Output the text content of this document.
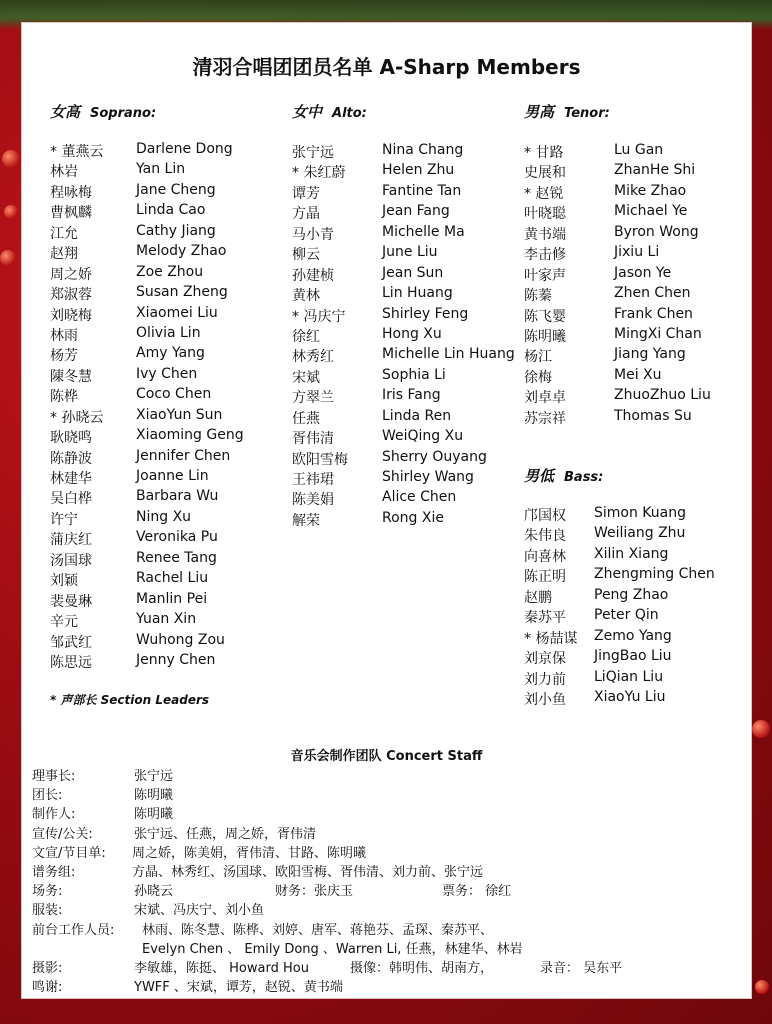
清羽合唱团团员名单 A-Sharp Members
女高 Soprano:
* 董燕云 Darlene Dong
林岩	Yan Lin
程咏梅	Jane Cheng
曹枫麟	Linda Cao
江允	Cathy Jiang
赵翔	Melody Zhao
周之娇	Zoe Zhou
郑淑蓉	Susan Zheng
刘晓梅	Xiaomei Liu
林雨	Olivia Lin
杨芳	Amy Yang
陳冬慧	Ivy Chen
陈桦	Coco Chen
* 孙晓云 XiaoYun Sun
耿晓鸣	Xiaoming Geng
陈静波	Jennifer Chen
林建华	Joanne Lin
吴白桦	Barbara Wu
许宁	Ning Xu
蒲庆红	Veronika Pu
汤国球	Renee Tang
刘颖	Rachel Liu
裴曼琳	Manlin Pei
辛元	Yuan Xin
邹武红	Wuhong Zou
陈思远	Jenny Chen
女中 Alto:
张宁远	Nina Chang
* 朱红蔚	Helen Zhu
谭芳	Fantine Tan
方晶	Jean Fang
马小青	Michelle Ma
柳云	June Liu
孙建桢	Jean Sun
黄林	Lin Huang
* 冯庆宁	Shirley Feng
徐红	Hong Xu
林秀红	Michelle Lin Huang
宋斌	Sophia Li
方翠兰	Iris Fang
任燕	Linda Ren
胥伟清	WeiQing Xu
欧阳雪梅 Sherry Ouyang
王祎珺	Shirley Wang
陈美娟	Alice Chen
解荣	Rong Xie
男高 Tenor:
* 甘路	Lu Gan
史展和	ZhanHe Shi
* 赵锐	Mike Zhao
叶晓聪	Michael Ye
黄书端	Byron Wong
李击修	Jixiu Li
叶家声	Jason Ye
陈蓁	Zhen Chen
陈飞婴	Frank Chen
陈明曦	MingXi Chan
杨江	Jiang Yang
徐梅	Mei Xu
刘卓卓	ZhuoZhuo Liu
苏宗祥	Thomas Su
男低 Bass:
邝国权 Simon Kuang
朱伟良 Weiliang Zhu
向喜林 Xilin Xiang
陈正明 Zhengming Chen
赵鹏	Peng Zhao
秦苏平 Peter Qin
* 杨喆谋 Zemo Yang
刘京保 JingBao Liu
刘力前 LiQian Liu
刘小鱼 XiaoYu Liu
* 声部长 Section Leaders
音乐会制作团队 Concert Staff
理事长:	张宁远
团长:	陈明曦
制作人:	陈明曦
宣传/公关:	张宁远、任燕，周之娇，胥伟清
文宣/节目单: 周之娇，陈美娟，胥伟清、甘路、陈明曦
谱务组:	方晶、林秀红、汤国球、欧阳雪梅、胥伟清、刘力前、张宁远
场务:	孙晓云	财务：张庆玉	票务： 徐红
服装:	宋斌、冯庆宁、刘小鱼
前台工作人员: 林雨、陈冬慧、陈桦、刘婷、唐军、蒋艳芬、孟琛、秦苏平、
Evelyn Chen 、 Emily Dong 、Warren Li, 任燕，林建华、林岩
摄影:	李敏雄，陈挺、 Howard Hou	摄像：韩明伟、胡南方，	录音： 吴东平
鸣谢:	YWFF 、宋斌，谭芳，赵锐、黄书端
